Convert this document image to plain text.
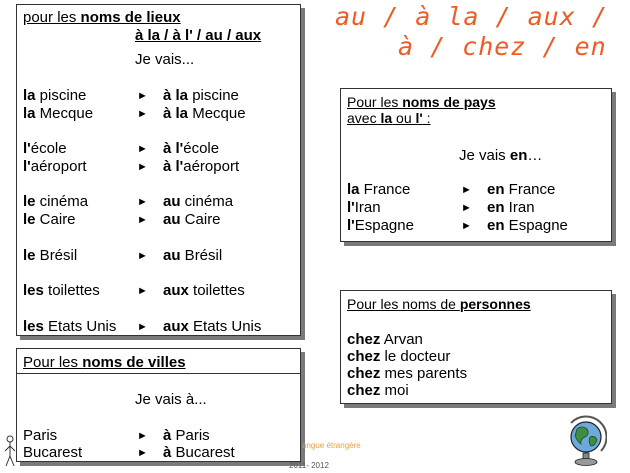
au / à la / aux /
à / chez / en
pour les noms de lieux
à la / à l' / au / aux
Je vais...
la piscine	► à la piscine
la Mecque	► à la Mecque
l'école	► à l'école
l'aéroport	► à l'aéroport
le cinéma	► au cinéma
le Caire	► au Caire
le Brésil	► au Brésil
les toilettes	► aux toilettes
les Etats Unis ► aux Etats Unis
Pour les noms de villes
Je vais à...
Paris	► à Paris
Bucarest	► à Bucarest
Pour les noms de pays
avec la ou l' :
Je vais en…
la France	► en France
l'Iran	► en Iran
l'Espagne	► en Espagne
Pour les noms de personnes
chez Arvan
chez le docteur
chez mes parents
chez moi
angue étrangère
2011- 2012
